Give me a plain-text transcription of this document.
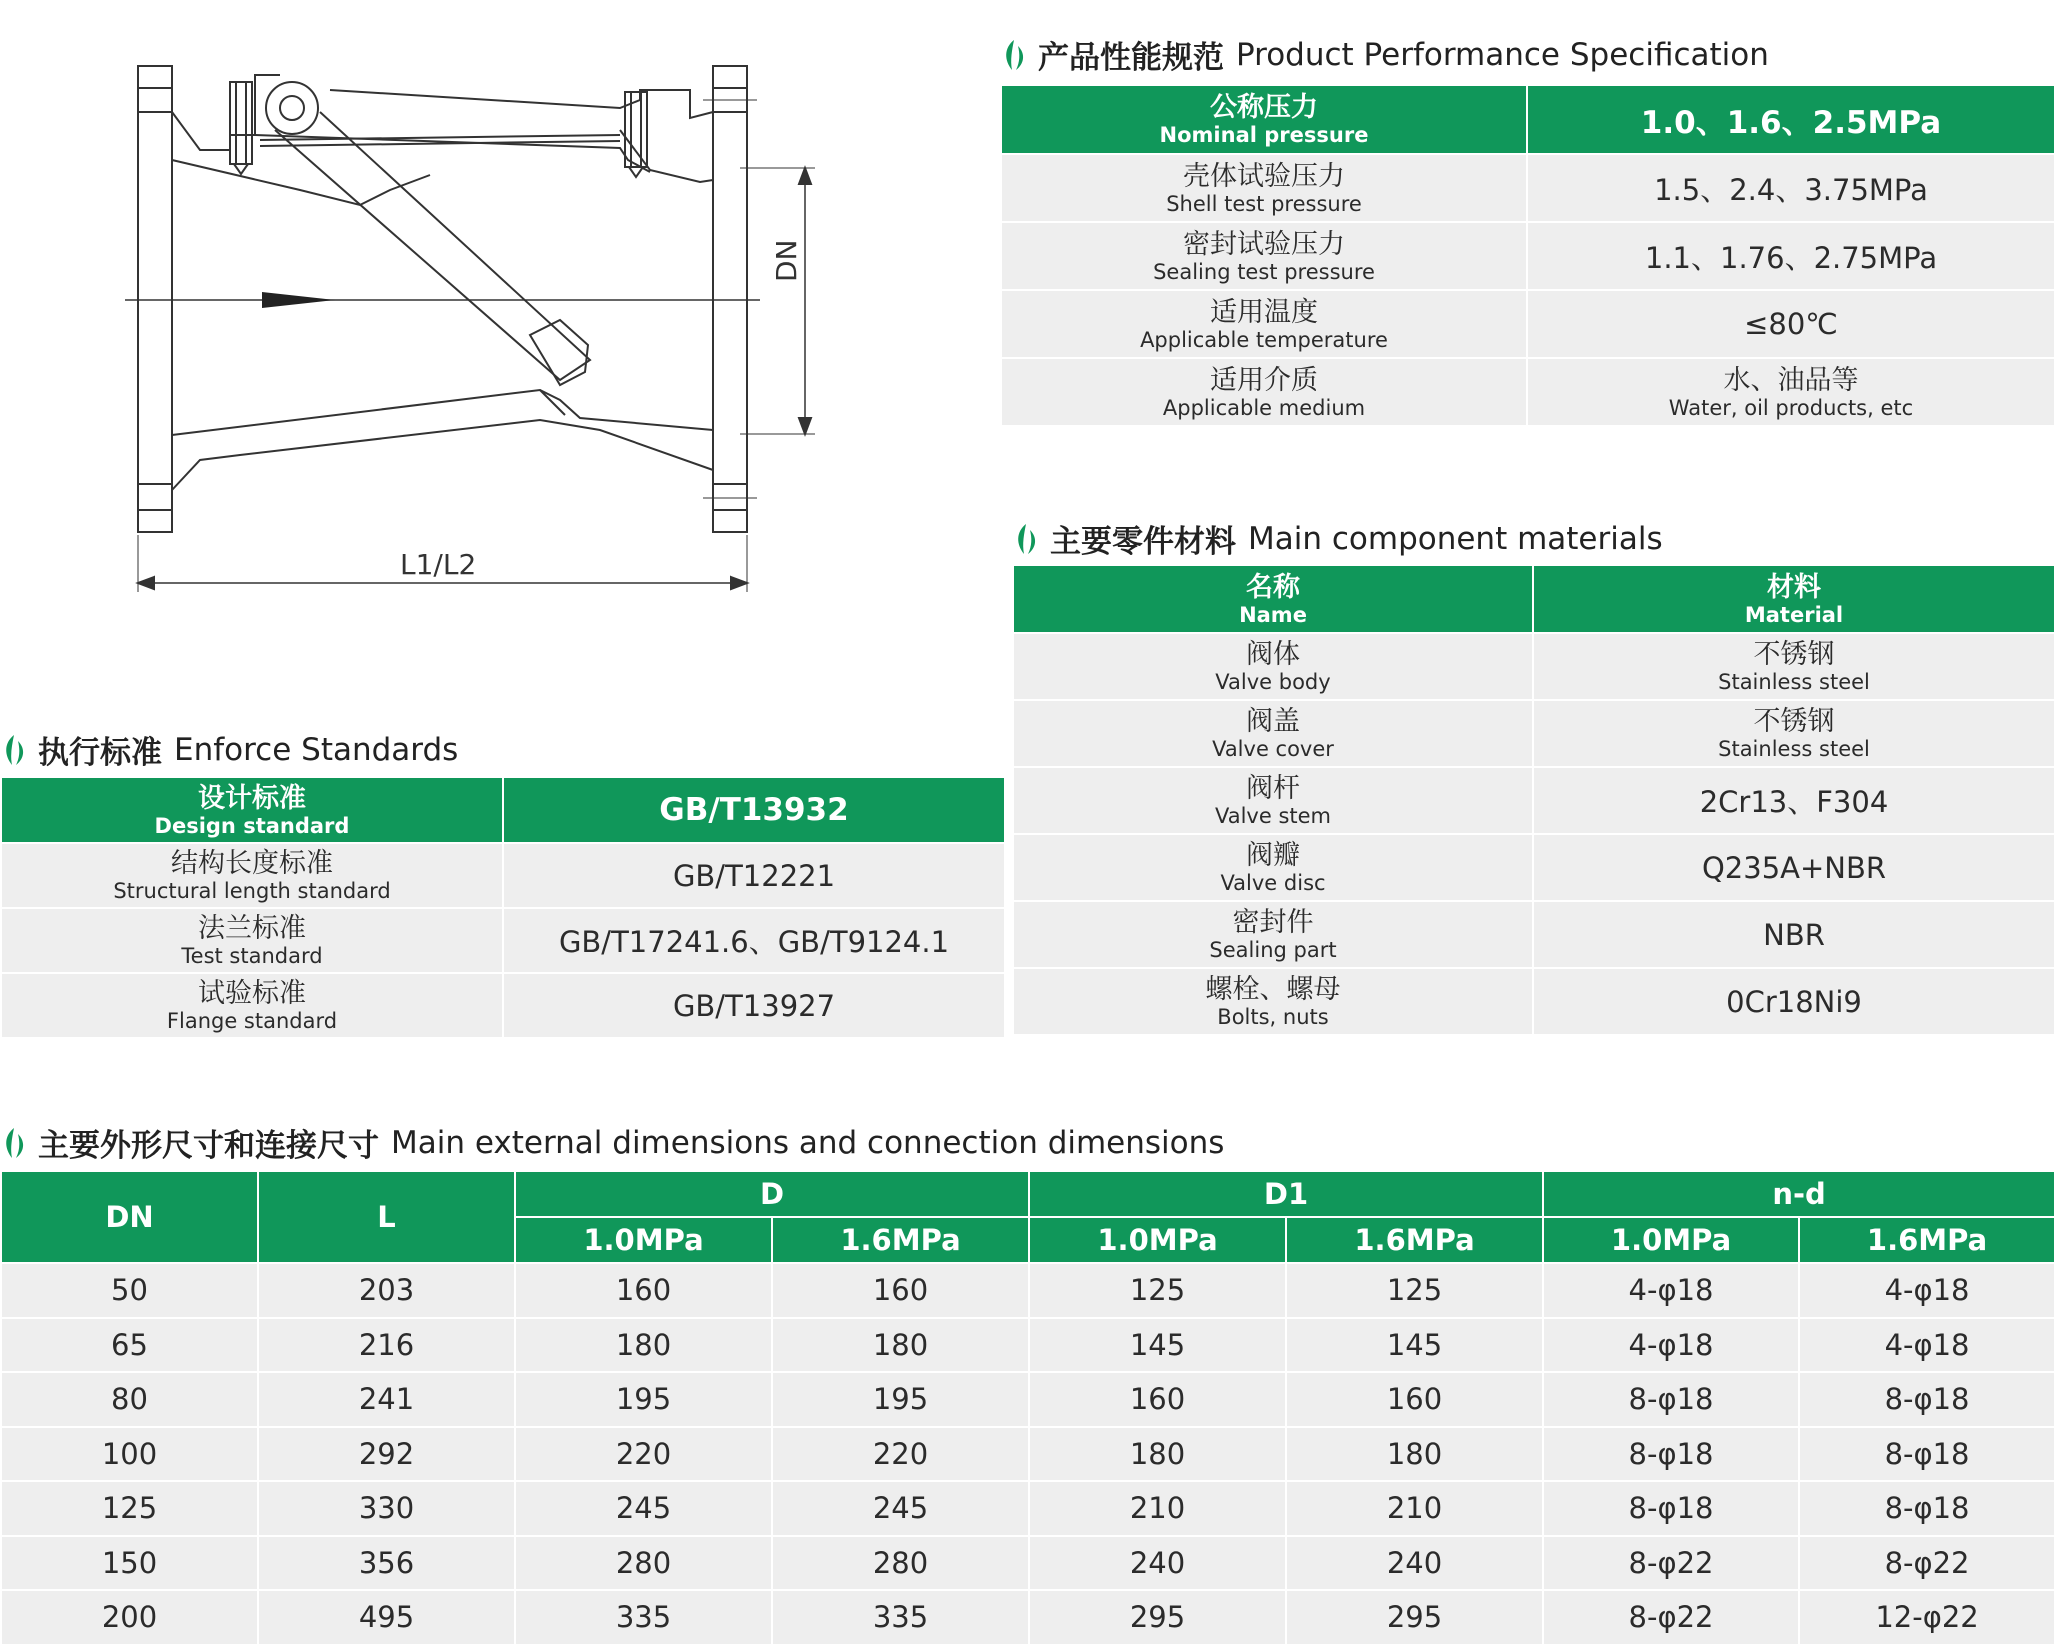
L1/L2
DN
产品性能规范 Product Performance Specification
公称压力
Nominal pressure	1.0、1.6、2.5MPa

壳体试验压力
Shell test pressure	1.5、2.4、3.75MPa

密封试验压力
Sealing test pressure	1.1、1.76、2.75MPa

适用温度
Applicable temperature	≤80℃

适用介质
Applicable medium	水、油品等
Water, oil products, etc
主要零件材料 Main component materials
名称
Name	材料
Material

阀体
Valve body	不锈钢
Stainless steel

阀盖
Valve cover	不锈钢
Stainless steel

阀杆
Valve stem	2Cr13、F304

阀瓣
Valve disc	Q235A+NBR

密封件
Sealing part	NBR

螺栓、螺母
Bolts, nuts	0Cr18Ni9
执行标准 Enforce Standards
设计标准
Design standard	GB/T13932

结构长度标准
Structural length standard	GB/T12221

法兰标准
Test standard	GB/T17241.6、GB/T9124.1

试验标准
Flange standard	GB/T13927
主要外形尺寸和连接尺寸 Main external dimensions and connection dimensions
DN	L	D		D1		n-d	
		1.0MPa	1.6MPa	1.0MPa	1.6MPa	1.0MPa	1.6MPa
50	203	160	160	125	125	4-φ18	4-φ18
65	216	180	180	145	145	4-φ18	4-φ18
80	241	195	195	160	160	8-φ18	8-φ18
100	292	220	220	180	180	8-φ18	8-φ18
125	330	245	245	210	210	8-φ18	8-φ18
150	356	280	280	240	240	8-φ22	8-φ22
200	495	335	335	295	295	8-φ22	12-φ22
